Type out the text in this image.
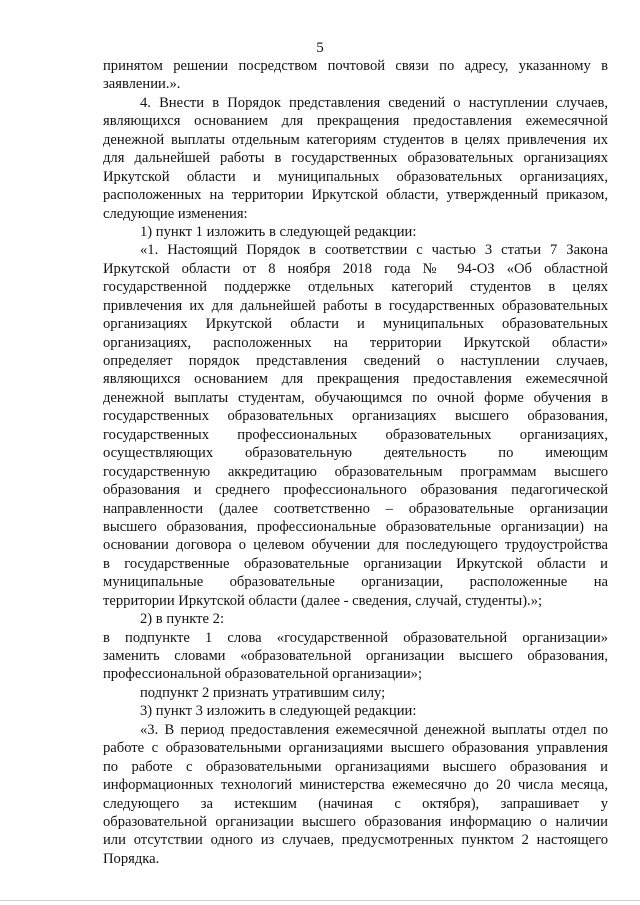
5
принятом решении посредством почтовой связи по адресу, указанному в
заявлении.».
4. Внести в Порядок представления сведений о наступлении случаев,
являющихся основанием для прекращения предоставления ежемесячной
денежной выплаты отдельным категориям студентов в целях привлечения их
для дальнейшей работы в государственных образовательных организациях
Иркутской области и муниципальных образовательных организациях,
расположенных на территории Иркутской области, утвержденный приказом,
следующие изменения:
1) пункт 1 изложить в следующей редакции:
«1. Настоящий Порядок в соответствии с частью 3 статьи 7 Закона
Иркутской области от 8 ноября 2018 года № 94-ОЗ «Об областной
государственной поддержке отдельных категорий студентов в целях
привлечения их для дальнейшей работы в государственных образовательных
организациях Иркутской области и муниципальных образовательных
организациях, расположенных на территории Иркутской области»
определяет порядок представления сведений о наступлении случаев,
являющихся основанием для прекращения предоставления ежемесячной
денежной выплаты студентам, обучающимся по очной форме обучения в
государственных образовательных организациях высшего образования,
государственных профессиональных образовательных организациях,
осуществляющих образовательную деятельность по имеющим
государственную аккредитацию образовательным программам высшего
образования и среднего профессионального образования педагогической
направленности (далее соответственно – образовательные организации
высшего образования, профессиональные образовательные организации) на
основании договора о целевом обучении для последующего трудоустройства
в государственные образовательные организации Иркутской области и
муниципальные образовательные организации, расположенные на
территории Иркутской области (далее - сведения, случай, студенты).»;
2) в пункте 2:
в подпункте 1 слова «государственной образовательной организации»
заменить словами «образовательной организации высшего образования,
профессиональной образовательной организации»;
подпункт 2 признать утратившим силу;
3) пункт 3 изложить в следующей редакции:
«3. В период предоставления ежемесячной денежной выплаты отдел по
работе с образовательными организациями высшего образования управления
по работе с образовательными организациями высшего образования и
информационных технологий министерства ежемесячно до 20 числа месяца,
следующего за истекшим (начиная с октября), запрашивает у
образовательной организации высшего образования информацию о наличии
или отсутствии одного из случаев, предусмотренных пунктом 2 настоящего
Порядка.
